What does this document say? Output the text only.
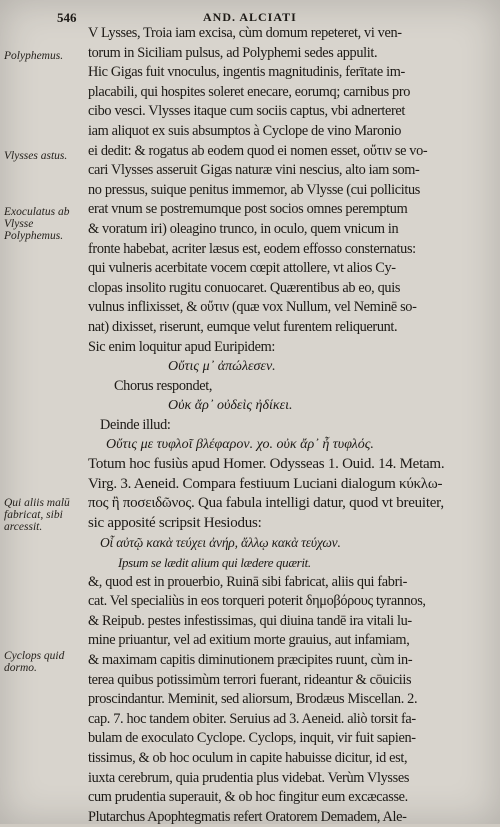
546	AND. ALCIATI
Polyphemus.
Vlysses astus.
Exoculatus ab Vlysse Polyphemus.
Qui aliis malū fabricat, sibi arcessit.
Cyclops quid dormo.
V Lysses, Troia iam excisa, cùm domum repeteret, vi ven-
torum in Siciliam pulsus, ad Polyphemi sedes appulit.
Hic Gigas fuit vnoculus, ingentis magnitudinis, ferītate im-
placabili, qui hospites soleret enecare, eorumq; carnibus pro
cibo vesci. Vlysses itaque cum sociis captus, vbi adnerteret
iam aliquot ex suis absumptos à Cyclope de vino Maronio
ei dedit: & rogatus ab eodem quod ei nomen esset, οὔτιν se vo-
cari Vlysses asseruit Gigas naturæ vini nescius, alto iam som-
no pressus, suique penitus immemor, ab Vlysse (cui pollicitus
erat vnum se postremumque post socios omnes peremptum
& voratum iri) oleagino trunco, in oculo, quem vnicum in
fronte habebat, acriter læsus est, eodem effosso consternatus:
qui vulneris acerbitate vocem cœpit attollere, vt alios Cy-
clopas insolito rugitu conuocaret. Quærentibus ab eo, quis
vulnus inflixisset, & οὔτιν (quæ vox Nullum, vel Neminē so-
nat) dixisset, riserunt, eumque velut furentem reliquerunt.
Sic enim loquitur apud Euripidem:
Οὔτις μ᾽ ἀπώλεσεν.
Chorus respondet,
Οὐκ ἄρ᾽ οὐδεὶς ἠδίκει.
Deinde illud:
Οὔτις με τυφλοῖ βλέφαρον. χο. οὐκ ἄρ᾽ ἦ τυφλός.
Totum hoc fusiùs apud Homer. Odysseas 1. Ouid. 14. Metam.
Virg. 3. Aeneid. Compara festiuum Luciani dialogum κύκλω-
πος ἢ ποσειδῶνος. Qua fabula intelligi datur, quod vt breuiter,
sic apposité scripsit Hesiodus:
Οἷ αὐτῷ κακὰ τεύχει ἀνήρ, ἄλλῳ κακὰ τεύχων.
Ipsum se lædit alium qui lædere quærit.
&, quod est in prouerbio, Ruinā sibi fabricat, aliis qui fabri-
cat. Vel specialiùs in eos torqueri poterit δημοβόρους tyrannos,
& Reipub. pestes infestissimas, qui diuina tandē ira vitali lu-
mine priuantur, vel ad exitium morte grauius, aut infamiam,
& maximam capitis diminutionem præcipites ruunt, cùm in-
terea quibus potissimùm terrori fuerant, rideantur & cōuiciis
proscindantur. Meminit, sed aliorsum, Brodæus Miscellan. 2.
cap. 7. hoc tandem obiter. Seruius ad 3. Aeneid. aliò torsit fa-
bulam de exoculato Cyclope. Cyclops, inquit, vir fuit sapien-
tissimus, & ob hoc oculum in capite habuisse dicitur, id est,
iuxta cerebrum, quia prudentia plus videbat. Verùm Vlysses
cum prudentia superauit, & ob hoc fingitur eum excæcasse.
Plutarchus Apophtegmatis refert Oratorem Demadem, Ale-
